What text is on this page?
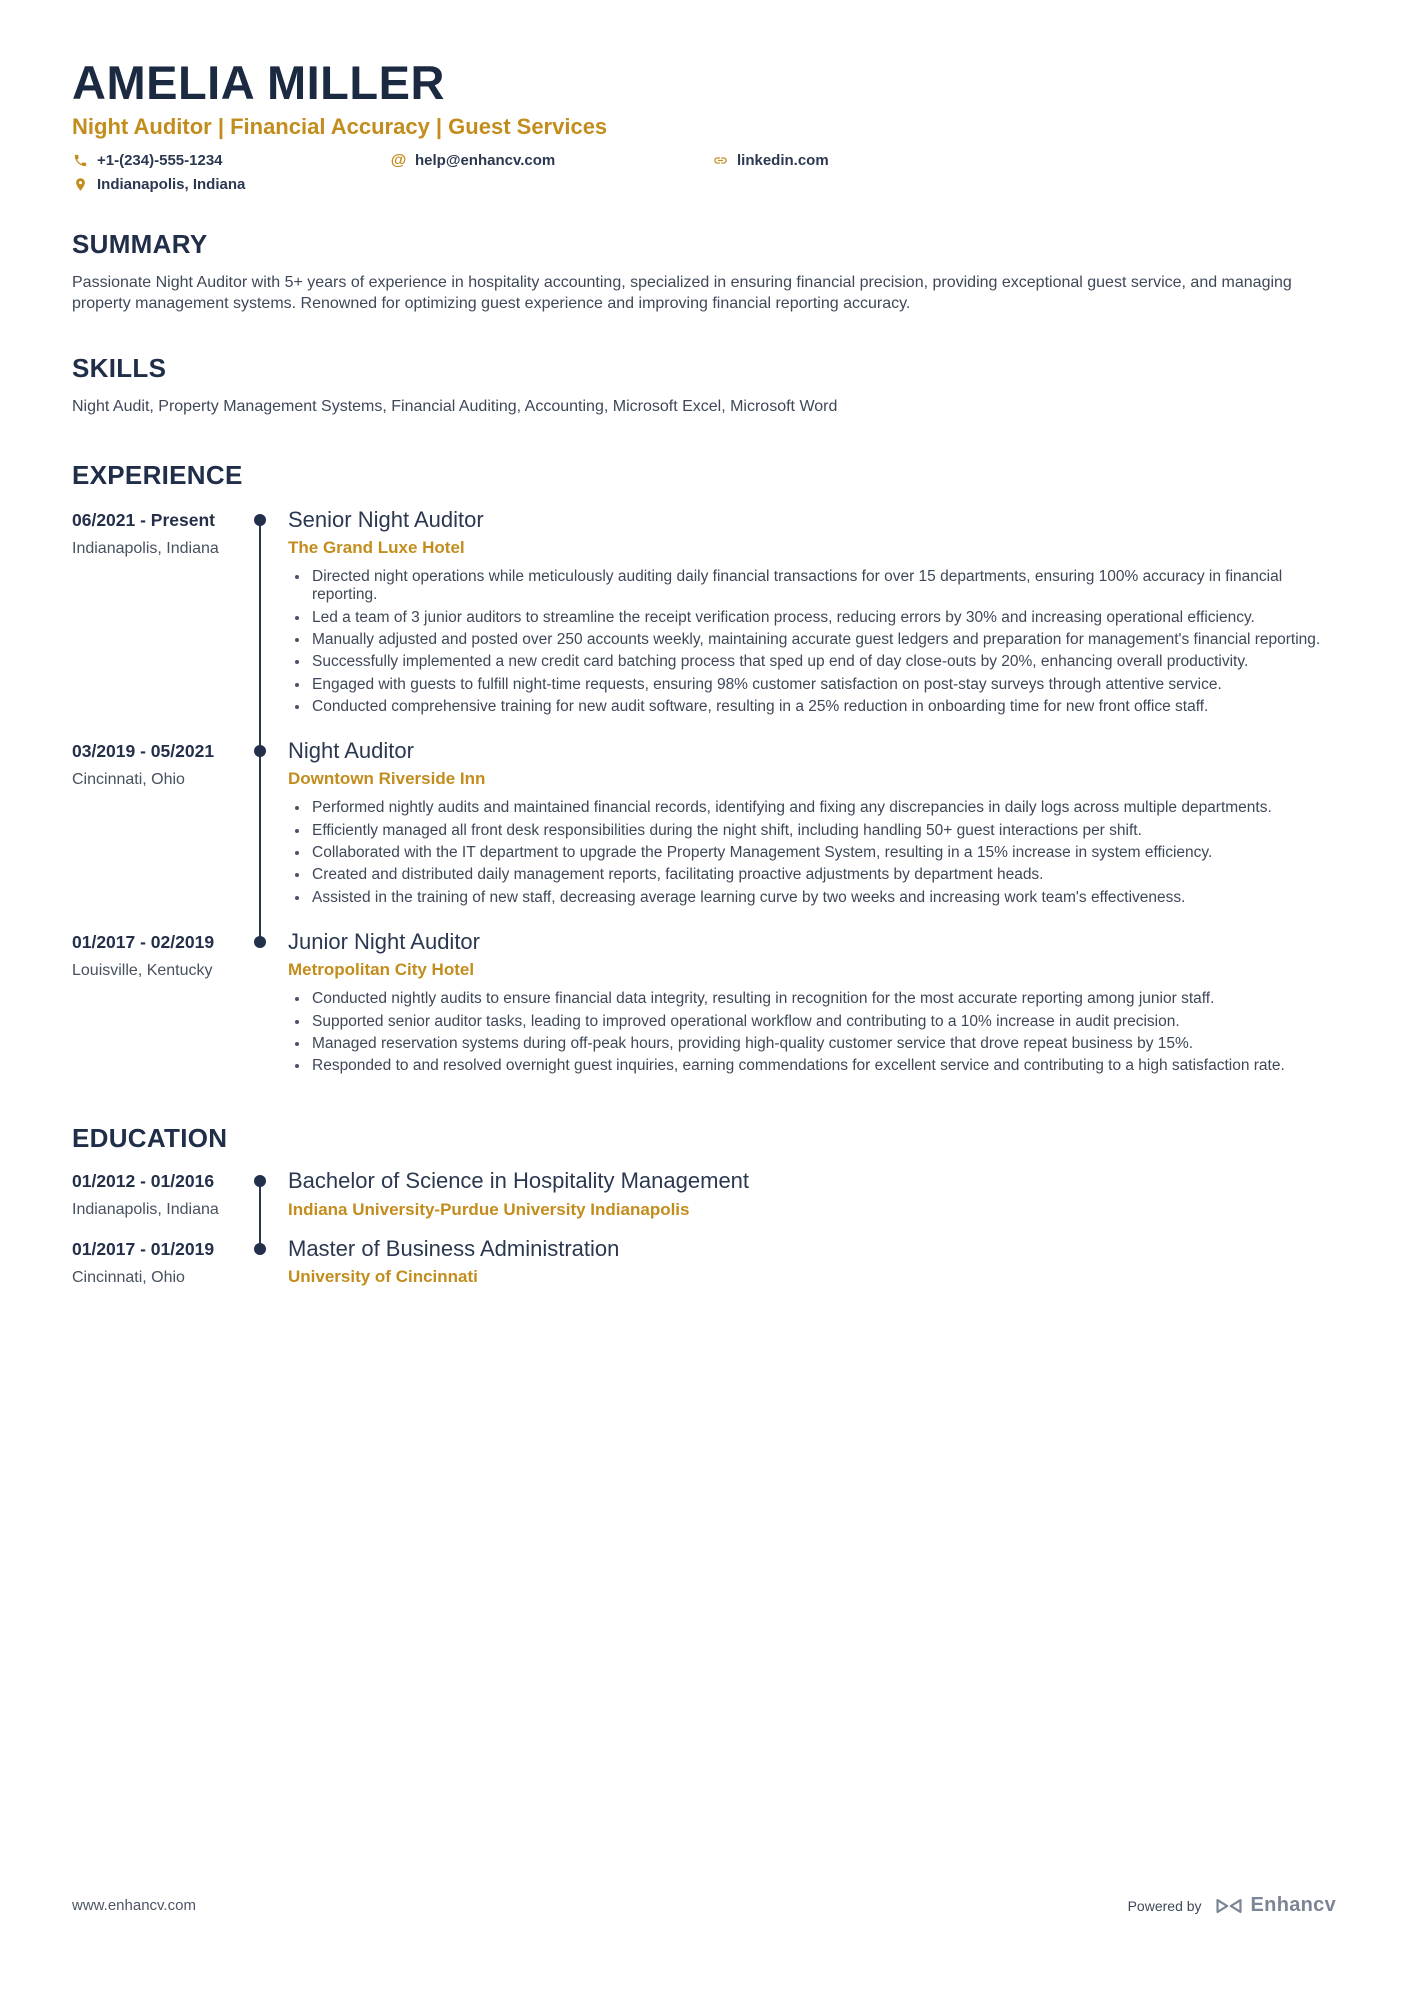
AMELIA MILLER
Night Auditor | Financial Accuracy | Guest Services
+1-(234)-555-1234	@ help@enhancv.com	linkedin.com
Indianapolis, Indiana
SUMMARY
Passionate Night Auditor with 5+ years of experience in hospitality accounting, specialized in ensuring financial precision, providing exceptional guest service, and managing property management systems. Renowned for optimizing guest experience and improving financial reporting accuracy.
SKILLS
Night Audit, Property Management Systems, Financial Auditing, Accounting, Microsoft Excel, Microsoft Word
EXPERIENCE
06/2021 - Present
Indianapolis, Indiana
Senior Night Auditor
The Grand Luxe Hotel
Directed night operations while meticulously auditing daily financial transactions for over 15 departments, ensuring 100% accuracy in financial reporting.
Led a team of 3 junior auditors to streamline the receipt verification process, reducing errors by 30% and increasing operational efficiency.
Manually adjusted and posted over 250 accounts weekly, maintaining accurate guest ledgers and preparation for management's financial reporting.
Successfully implemented a new credit card batching process that sped up end of day close-outs by 20%, enhancing overall productivity.
Engaged with guests to fulfill night-time requests, ensuring 98% customer satisfaction on post-stay surveys through attentive service.
Conducted comprehensive training for new audit software, resulting in a 25% reduction in onboarding time for new front office staff.
03/2019 - 05/2021
Cincinnati, Ohio
Night Auditor
Downtown Riverside Inn
Performed nightly audits and maintained financial records, identifying and fixing any discrepancies in daily logs across multiple departments.
Efficiently managed all front desk responsibilities during the night shift, including handling 50+ guest interactions per shift.
Collaborated with the IT department to upgrade the Property Management System, resulting in a 15% increase in system efficiency.
Created and distributed daily management reports, facilitating proactive adjustments by department heads.
Assisted in the training of new staff, decreasing average learning curve by two weeks and increasing work team's effectiveness.
01/2017 - 02/2019
Louisville, Kentucky
Junior Night Auditor
Metropolitan City Hotel
Conducted nightly audits to ensure financial data integrity, resulting in recognition for the most accurate reporting among junior staff.
Supported senior auditor tasks, leading to improved operational workflow and contributing to a 10% increase in audit precision.
Managed reservation systems during off-peak hours, providing high-quality customer service that drove repeat business by 15%.
Responded to and resolved overnight guest inquiries, earning commendations for excellent service and contributing to a high satisfaction rate.
EDUCATION
01/2012 - 01/2016
Indianapolis, Indiana
Bachelor of Science in Hospitality Management
Indiana University-Purdue University Indianapolis
01/2017 - 01/2019
Cincinnati, Ohio
Master of Business Administration
University of Cincinnati
www.enhancv.com	Powered by Enhancv
